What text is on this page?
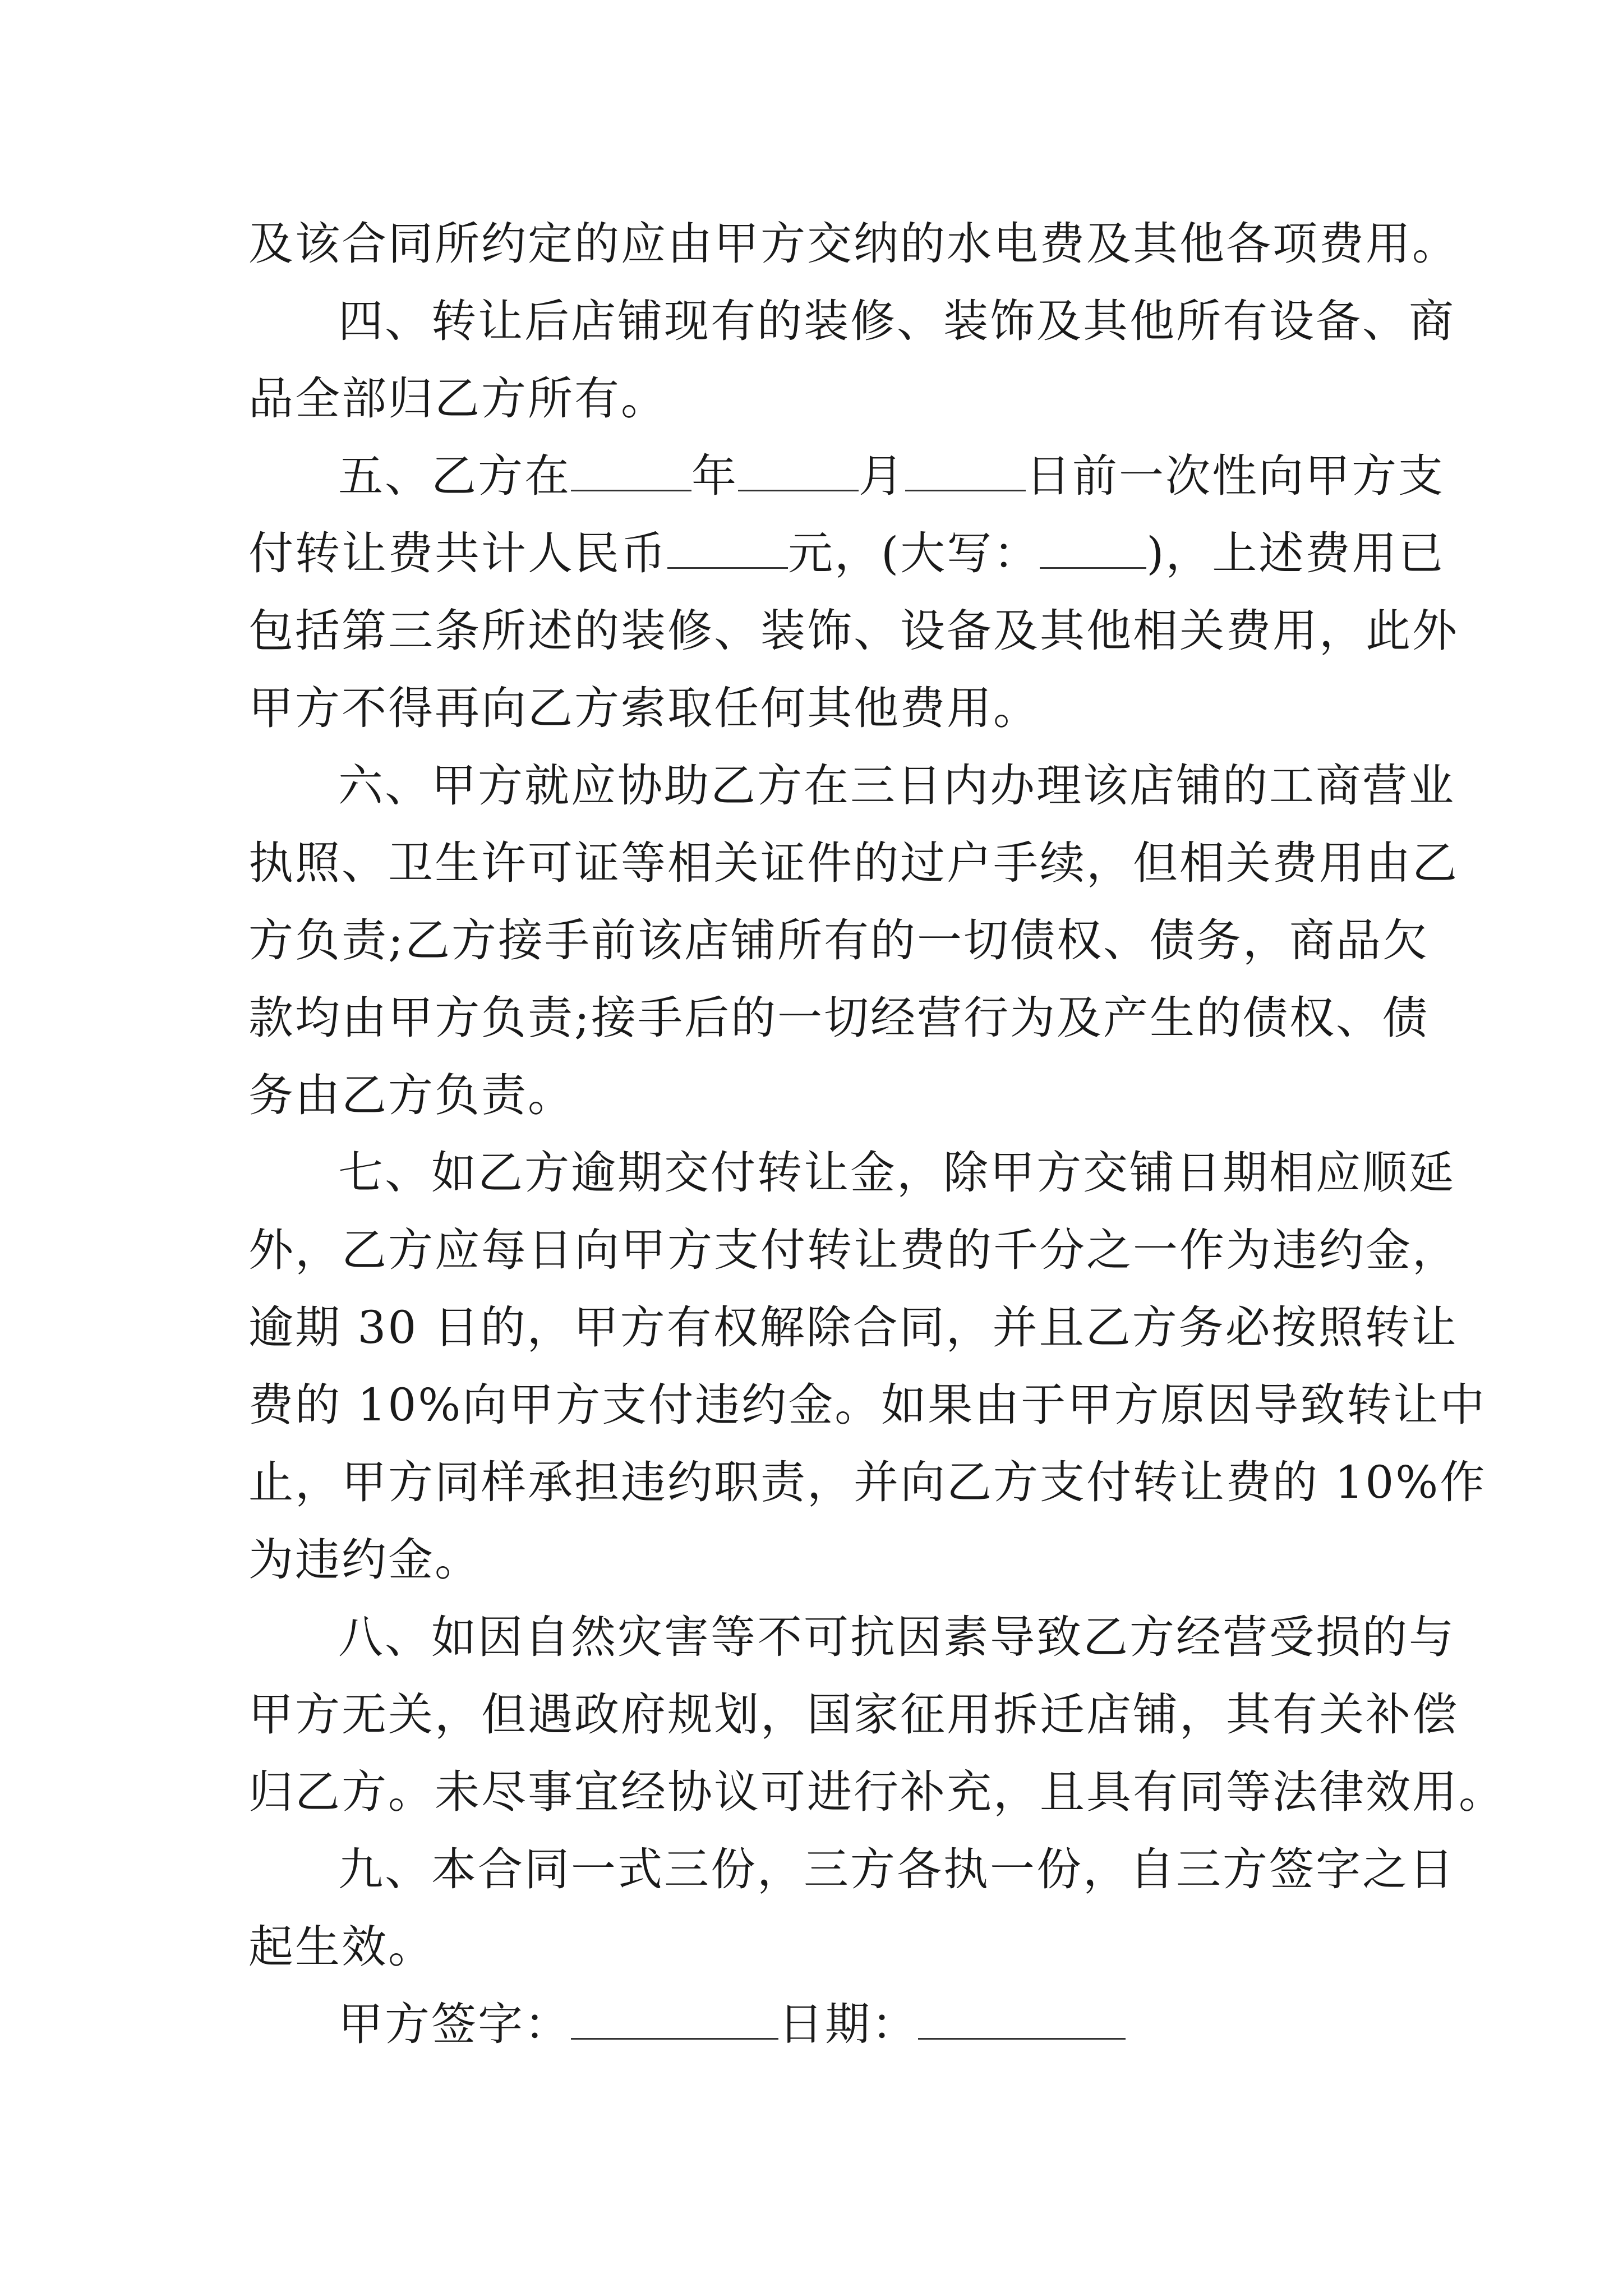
及该合同所约定的应由甲方交纳的水电费及其他各项费用。
四、转让后店铺现有的装修、装饰及其他所有设备、商
品全部归乙方所有。
五、乙方在	年	月	日前一次性向甲方支
付转让费共计人民币	元，(大写： )，上述费用已
包括第三条所述的装修、装饰、设备及其他相关费用，此外
甲方不得再向乙方索取任何其他费用。
六、甲方就应协助乙方在三日内办理该店铺的工商营业
执照、卫生许可证等相关证件的过户手续，但相关费用由乙
方负责;乙方接手前该店铺所有的一切债权、债务，商品欠
款均由甲方负责;接手后的一切经营行为及产生的债权、债
务由乙方负责。
七、如乙方逾期交付转让金，除甲方交铺日期相应顺延
外，乙方应每日向甲方支付转让费的千分之一作为违约金，
逾期 30 日的，甲方有权解除合同，并且乙方务必按照转让
费的 10%向甲方支付违约金。如果由于甲方原因导致转让中
止，甲方同样承担违约职责，并向乙方支付转让费的 10%作
为违约金。
八、如因自然灾害等不可抗因素导致乙方经营受损的与
甲方无关，但遇政府规划，国家征用拆迁店铺，其有关补偿
归乙方。未尽事宜经协议可进行补充，且具有同等法律效用。
九、本合同一式三份，三方各执一份，自三方签字之日
起生效。
甲方签字：	日期：
